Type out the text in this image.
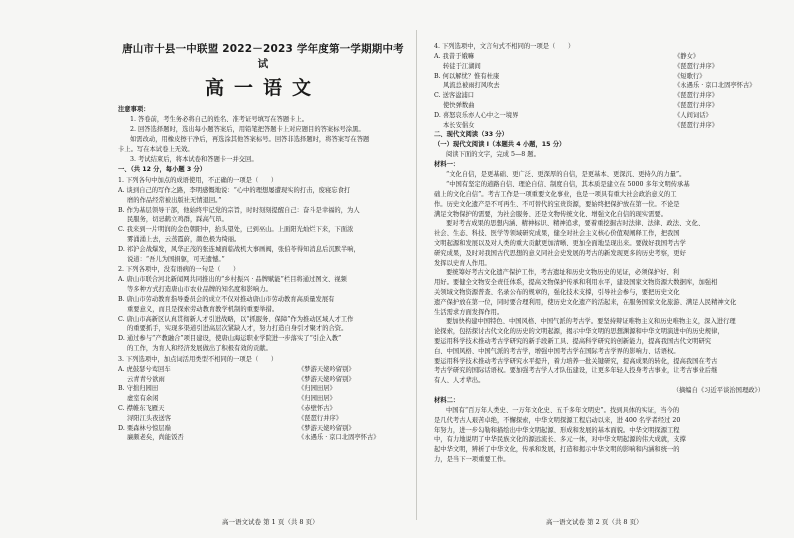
唐山市十县一中联盟 2022－2023 学年度第一学期期中考试
高一语文
注意事项：
1. 答卷前，考生务必将自己的姓名、准考证号填写在答题卡上。
2. 回答选择题时，选出每小题答案后，用铅笔把答题卡上对应题目的答案标号涂黑。
如需改动，用橡皮擦干净后，再选涂其他答案标号。回答非选择题时，将答案写在答题
卡上。写在本试卷上无效。
3. 考试结束后，将本试卷和答题卡一并交回。
一、（共 12 分，每小题 3 分）
1. 下列各句中加点的成语使用，不正确的一项是（　　）
A. 谈到自己的写作之路，李明感慨地说：“心中的理想屡遭现实的打击，废寝忘食打
磨的作品经常被出版社无情退回。”
B. 作为基层领导干部，他始终牢记党的宗旨，时时刻刻提醒自己：奋斗是幸福的，为人
民服务，切忌鹤立鸡群，踩高气昂。
C. 我来到一片明润的金色朝阳中，抬头望处，已到巫山。上面阳光灿烂下来，下面浓
雾涌涌上去，云蒸霞蔚，颜色极为绮丽。
D. 祁沪会战爆发，风华正茂的张连城面临战机大事画阀，张伯苓得知消息后沉默半响，
说道：“吾儿为国捐躯，可无遗憾。”
2. 下列各项中，没有语病的一句是（　　）
A. 唐山市联合河北新闻网共同推出的“乡村振兴 · 品牌赋能”栏目将通过图文、视频
等多种方式打造唐山市农业品牌的知名度和影响力。
B. 唐山市劳动教育指导委员会的成立不仅对推动唐山市劳动教育高质量发展有
重要意义，而且是探索劳动教育教学机制的重要举措。
C. 唐山市高新区认真贯彻新人才引进战略，以“抓服务、保障”作为推动区域人才工作
的重要抓手，实现多渠道引进高层次紧缺人才，努力打造自身引才聚才的合资。
D. 通过参与“产教融合”项目建设，使唐山海运职业学院进一步落实了“引企入教”
的工作，为育人和经济发展做出了积极有效的贡献。
3. 下列选项中，加点词活用类型不相同的一项是（　　）
A. 虎鼓瑟兮鸾回车	《梦游天姥吟留别》
云青青兮欲雨	《梦游天姥吟留别》
B. 守拙归园田	《归园田居》
虚室有余闲	《归园田居》
C. 襟帷东飞雁天	《赤壁怀古》
浔阳江头夜送客	《琵琶行并序》
D. 栗森林兮惊层巅	《梦游天姥吟留别》
廉颇老矣，尚能饭否	《永遇乐 · 京口北固亭怀古》
高一语文试卷 第 1 页（共 8 页）
4. 下列选项中，文言句式不相同的一项是（　　）
A. 我昔于娥嘛	《静女》
转徒于江湖间	《琵琶行并序》
B. 何以解忧？惟有杜康	《短歌行》
风流总被雨打风吹去	《永遇乐 · 京口北固亭怀古》
C. 送客湓浦口	《琵琶行并序》
使快弹数曲	《琵琶行并序》
D. 喜怒哀乐亦人心中之一境界	《人间词话》
本长安倡女	《琵琶行并序》
二、现代文阅读（33 分）
（一）现代文阅读 Ⅰ（本题共 4 小题，15 分）
阅读下面的文字，完成 5—8 题。
材料一：
“文化自信，是更基础、更广泛、更深厚的自信，是更基本、更深沉、更持久的力量”。
“中国有坚定的道路自信、理论自信、制度自信，其本质是建立在 5000 多年文明传承基
础上的文化自信”。考古工作是一项重要文化事业，也是一项具有重大社会政治意义的工
作。历史文化遗产是不可再生、不可替代的宝贵资源，要始终把保护放在第一位。不论是
满足文物保护的需要，为社会服务、还是文物传统文化、增强文化自信的现实需要。
要对考古成果的思想内涵、精神标识、精神追求，要着重挖掘古时法律、法律、政法、文化、
社会、生态、科技、医学等领域研究成果，健全对社会主义核心价值观阐释工作，把我国
文明起源和发展以及对人类的重大贡献更加清晰、更加全面地呈现出来。要做好我国考古学
研究成果，及时对我国古代思想的意义同社会史发展的考古的新发现更多的历史考察，更好
发挥以史育人作用。
要统筹好考古文化遗产保护工作，考古遗址和历史文物历史的见证，必须保护好、利
用好。要健全文物安全责任体系，提高文物保护传承和利用水平，建设国家文物资源大数据库，加强相
关领域文物资源普查、名录公布的规章的，强化技术支撑，引导社会参与，要把历史文化
遗产保护放在第一位，同时要合理利用，使历史文化遗产的活起来，在服务国家文化旅游、满足人民精神文化
生活需求方面发挥作用。
要加快构建中国特色、中国风格、中国气派的考古学。要坚持辩证唯物主义和历史唯物主义，深入进行理
论探索，包括探讨古代文化的历史的文明起源，揭示中华文明的思想渊源和中华文明演进中的历史规律，
要运用科学技术推动考古学研究的新手段新工具、提高科学研究的创新能力，提高我国古代文明研究
白、中国风格、中国气派的考古学，增强中国考古学在国际考古学界的影响力、话语权。
要运用科学技术推动考古学研究水平提升，着力培养一批关键研究，提高成果的转化，提高我国在考古
考古学研究的国际话语权。要加强考古学人才队伍建设，让更多年轻人投身考古事业，让考古事业后继
有人、人才辈出。
（摘编自《习近平谈治国理政》）
材料二：
中国有“百万年人类史、一万年文化史、五千多年文明史”。找到具体的实证，当今的
是几代考古人艰苦卓绝，不懈探索，中华文明探源工程启动以来，进 400 名学者经过 20
年努力，进一步勾勒和描绘出中华文明起源、形成和发展的基本面貌。中华文明探源工程
中，有力地说明了中华民族文化的源远流长、多元一体，对中华文明起源的伟大成就，支撑
起中华文明，辨析了中华文化，传承和发展，打造和揭示中华文明的影响和内涵和统一的
力，是当下一项重要工作。
高一语文试卷 第 2 页（共 8 页）
